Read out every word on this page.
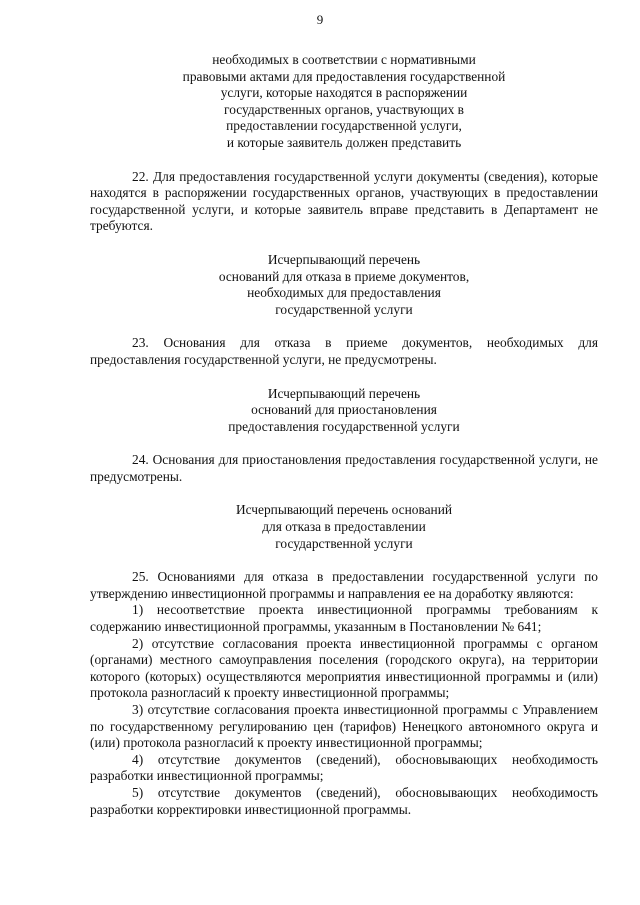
9
необходимых в соответствии с нормативными
правовыми актами для предоставления государственной
услуги, которые находятся в распоряжении
государственных органов, участвующих в
предоставлении государственной услуги,
и которые заявитель должен представить

22. Для предоставления государственной услуги документы (сведения), которые находятся в распоряжении государственных органов, участвующих в предоставлении государственной услуги, и которые заявитель вправе представить в Департамент не требуются.

Исчерпывающий перечень
оснований для отказа в приеме документов,
необходимых для предоставления
государственной услуги

23. Основания для отказа в приеме документов, необходимых для предоставления государственной услуги, не предусмотрены.

Исчерпывающий перечень
оснований для приостановления
предоставления государственной услуги

24. Основания для приостановления предоставления государственной услуги, не предусмотрены.

Исчерпывающий перечень оснований
для отказа в предоставлении
государственной услуги

25. Основаниями для отказа в предоставлении государственной услуги по утверждению инвестиционной программы и направления ее на доработку являются:

1) несоответствие проекта инвестиционной программы требованиям к содержанию инвестиционной программы, указанным в Постановлении № 641;

2) отсутствие согласования проекта инвестиционной программы с органом (органами) местного самоуправления поселения (городского округа), на территории которого (которых) осуществляются мероприятия инвестиционной программы и (или) протокола разногласий к проекту инвестиционной программы;

3) отсутствие согласования проекта инвестиционной программы с Управлением по государственному регулированию цен (тарифов) Ненецкого автономного округа и (или) протокола разногласий к проекту инвестиционной программы;

4) отсутствие документов (сведений), обосновывающих необходимость разработки инвестиционной программы;

5) отсутствие документов (сведений), обосновывающих необходимость разработки корректировки инвестиционной программы.
